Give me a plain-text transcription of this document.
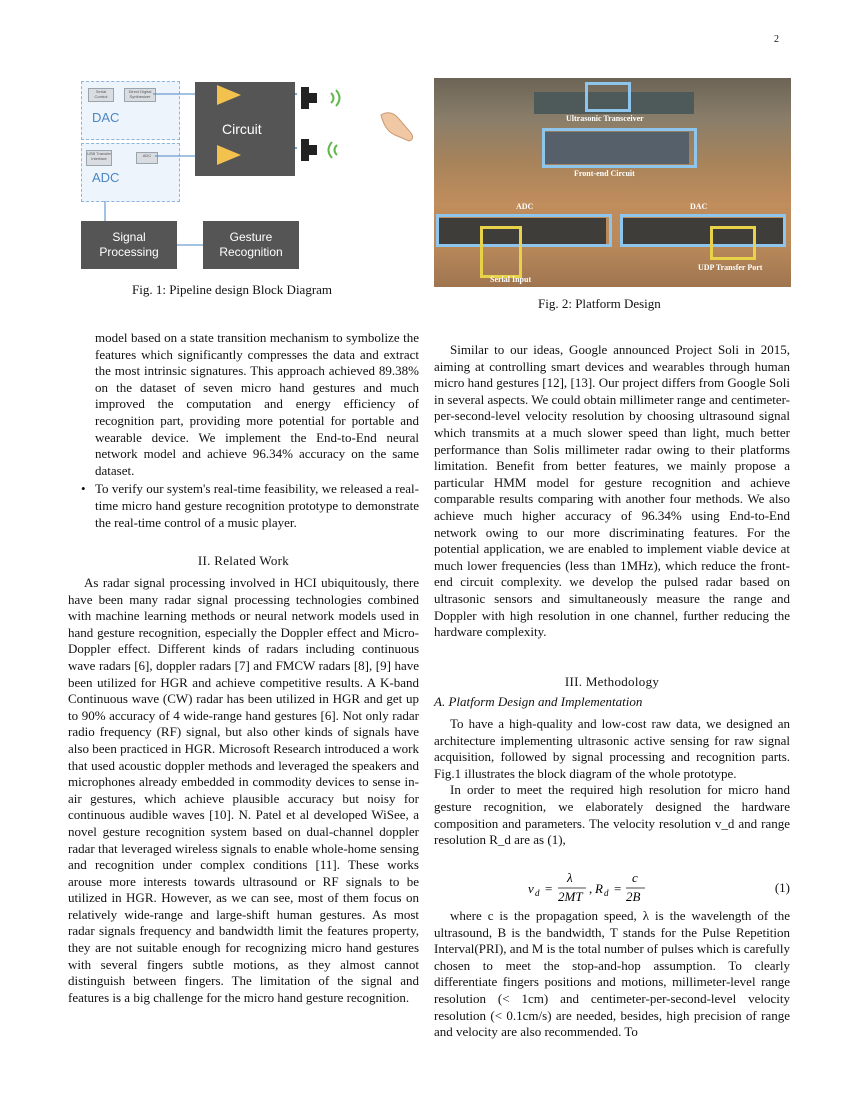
2
Serial Control
Direct Digital Synthesizer
DAC
USB Transfer Interface
ADC
ADC
Circuit
Signal Processing
Gesture Recognition
Fig. 1: Pipeline design Block Diagram
Ultrasonic Transceiver
Front-end Circuit
ADC	DAC
Serial Input
UDP Transfer Port
Fig. 2: Platform Design

model based on a state transition mechanism to symbolize the features which significantly compresses the data and extract the most intrinsic signatures. This approach achieved 89.38% on the dataset of seven micro hand gestures and much improved the computation and energy efficiency of recognition part, providing more potential for portable and wearable device. We implement the End-to-End neural network model and achieve 96.34% accuracy on the same dataset.

• To verify our system's real-time feasibility, we released a real-time micro hand gesture recognition prototype to demonstrate the real-time control of a music player.

II. Related Work

As radar signal processing involved in HCI ubiquitously, there have been many radar signal processing technologies combined with machine learning methods or neural network models used in hand gesture recognition, especially the Doppler effect and Micro-Doppler effect. Different kinds of radars including continuous wave radars [6], doppler radars [7] and FMCW radars [8], [9] have been utilized for HGR and achieve competitive results. A K-band Continuous wave (CW) radar has been utilized in HGR and get up to 90% accuracy of 4 wide-range hand gestures [6]. Not only radar radio frequency (RF) signal, but also other kinds of signals have also been practiced in HGR. Microsoft Research introduced a work that used acoustic doppler methods and leveraged the speakers and microphones already embedded in commodity devices to sense in-air gestures, which achieve plausible accuracy but noisy for continuous audible waves [10]. N. Patel et al developed WiSee, a novel gesture recognition system based on dual-channel doppler radar that leveraged wireless signals to enable whole-home sensing and recognition under complex conditions [11]. These works arouse more interests towards ultrasound or RF signals to be utilized in HGR. However, as we can see, most of them focus on relatively wide-range and large-shift human gestures. As most radar signals frequency and bandwidth limit the features property, they are not suitable enough for recognizing micro hand gestures with several fingers subtle motions, as they almost cannot distinguish between fingers. The limitation of the signal and features is a big challenge for the micro hand gesture recognition.

Similar to our ideas, Google announced Project Soli in 2015, aiming at controlling smart devices and wearables through human micro hand gestures [12], [13]. Our project differs from Google Soli in several aspects. We could obtain millimeter range and centimeter-per-second-level velocity resolution by choosing ultrasound signal which transmits at a much slower speed than light, much better performance than Solis millimeter radar owing to their platforms limitation. Benefit from better features, we mainly propose a particular HMM model for gesture recognition and achieve comparable results comparing with another four methods. We also achieve much higher accuracy of 96.34% using End-to-End network owing to our more discriminating features. For the potential application, we are enabled to implement viable device at much lower frequencies (less than 1MHz), which reduce the front-end circuit complexity. we develop the pulsed radar based on ultrasonic sensors and simultaneously measure the range and Doppler with high resolution in one channel, further reducing the hardware complexity.

III. Methodology
A. Platform Design and Implementation

To have a high-quality and low-cost raw data, we designed an architecture implementing ultrasonic active sensing for raw signal acquisition, followed by signal processing and recognition parts. Fig.1 illustrates the block diagram of the whole prototype.

In order to meet the required high resolution for micro hand gesture recognition, we elaborately designed the hardware composition and parameters. The velocity resolution v_d and range resolution R_d are as (1),

v d =
λ
2MT
, R d =
c
2B
(1)

where c is the propagation speed, λ is the wavelength of the ultrasound, B is the bandwidth, T stands for the Pulse Repetition Interval(PRI), and M is the total number of pulses which is carefully chosen to meet the stop-and-hop assumption. To clearly differentiate fingers positions and motions, millimeter-level range resolution (< 1cm) and centimeter-per-second-level velocity resolution (< 0.1cm/s) are needed, besides, high precision of range and velocity are also recommended. To
